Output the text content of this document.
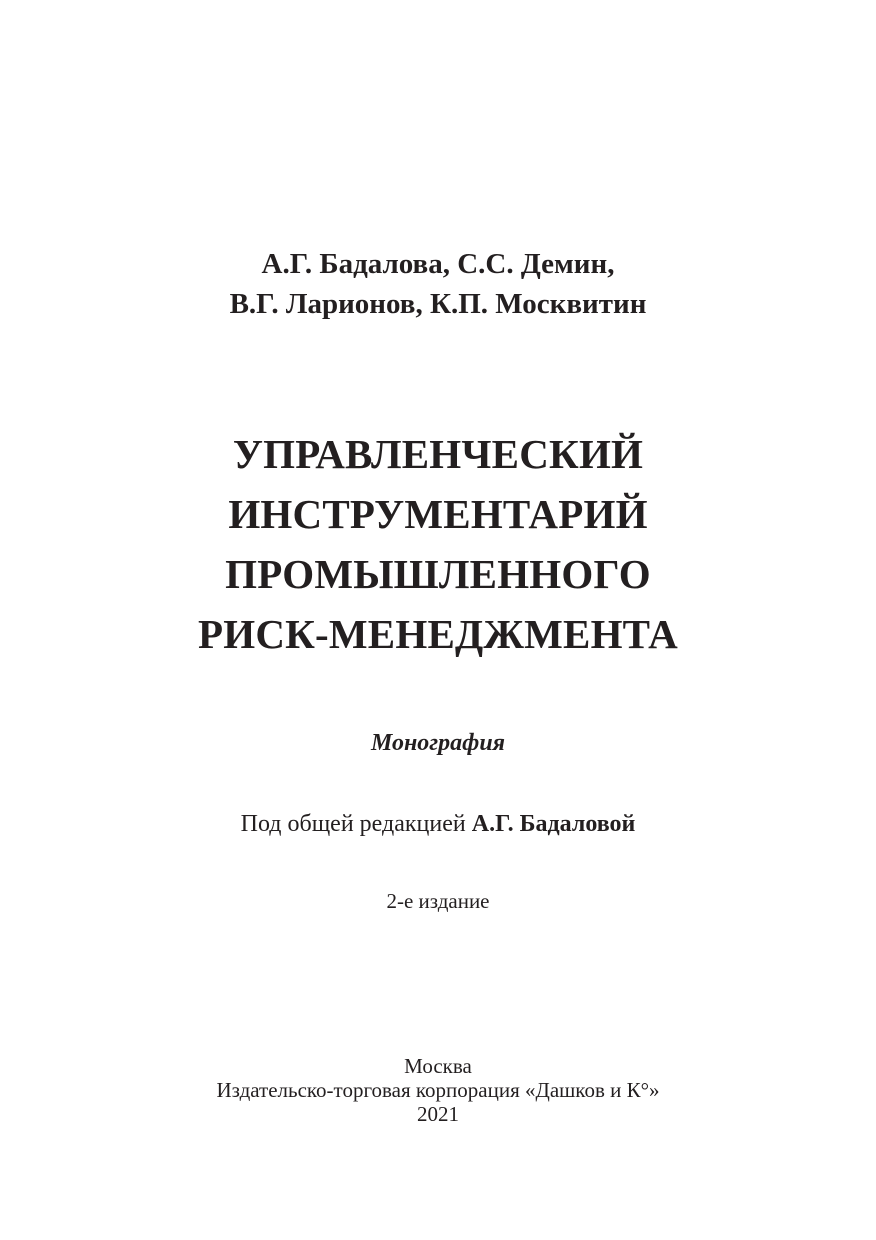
А.Г. Бадалова, С.С. Демин,
В.Г. Ларионов, К.П. Москвитин
УПРАВЛЕНЧЕСКИЙ
ИНСТРУМЕНТАРИЙ
ПРОМЫШЛЕННОГО
РИСК-МЕНЕДЖМЕНТА
Монография
Под общей редакцией А.Г. Бадаловой
2-е издание
Москва
Издательско-торговая корпорация «Дашков и К°»
2021
